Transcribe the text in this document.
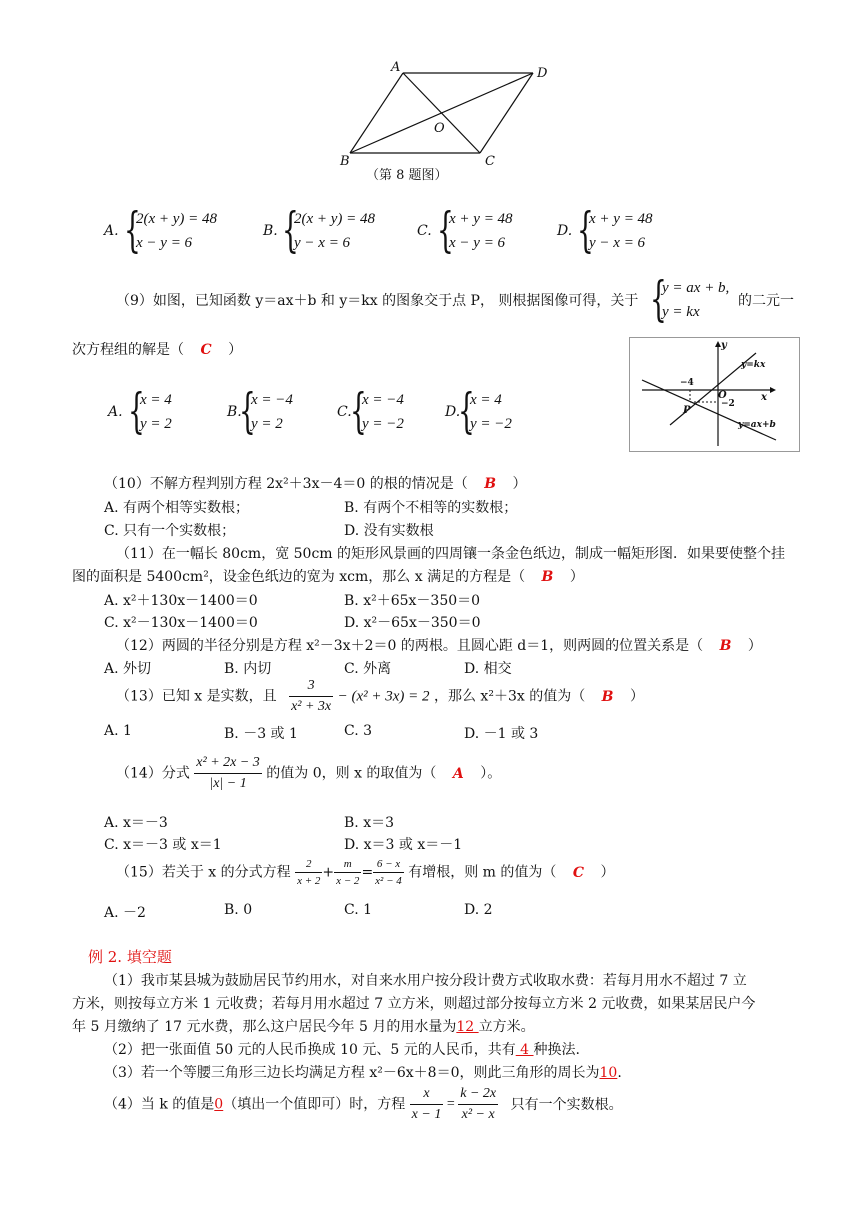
A	D
O
B	C
（第 8 题图）
A. {
2(x + y) = 48
x − y = 6
B. {
2(x + y) = 48
y − x = 6
C. {
x + y = 48
x − y = 6
D. {
x + y = 48
y − x = 6
（9）如图，已知函数 y＝ax＋b 和 y＝kx 的图象交于点 P， 则根据图像可得，关于 {
y = ax + b,
y = kx
的二元一
次方程组的解是（ C ）	y
y=kx
−4
O	x
−2
P
y=ax+b
A. {
x = 4
y = 2
B.
{
x = −4
y = 2
C.
{
x = −4
y = −2
D.
{
x = 4
y = −2
（10）不解方程判别方程 2x²＋3x－4＝0 的根的情况是（ B ）
A. 有两个相等实数根；	B. 有两个不相等的实数根；
C. 只有一个实数根；	D. 没有实数根
（11）在一幅长 80cm，宽 50cm 的矩形风景画的四周镶一条金色纸边，制成一幅矩形图．如果要使整个挂
图的面积是 5400cm²，设金色纸边的宽为 xcm，那么 x 满足的方程是（ B ）
A. x²＋130x－1400＝0	B. x²＋65x－350＝0
C. x²－130x－1400＝0	D. x²－65x－350＝0
（12）两圆的半径分别是方程 x²－3x＋2＝0 的两根。且圆心距 d＝1，则两圆的位置关系是（ B ）
A. 外切	B. 内切	C. 外离	D. 相交
（13）已知 x 是实数，且 $\frac{3}{\text{x² + 3x}} - (x^2 + 3x) = 2$ ，那么 x²＋3x 的值为（ B ）
A. 1	B. －3 或 1	C. 3	D. －1 或 3
（14）分式 $\frac{\text{x² + 2x − 3}}{|x| - 1}$ 的值为 0，则 x 的取值为（ A ）。
A. x＝－3	B. x＝3
C. x＝－3 或 x＝1	D. x＝3 或 x＝－1
（15）若关于 x 的分式方程 $\frac{2}{x + 2} + \frac{m}{x - 2} = \frac{6 - x}{\text{x² − 4}}$ 有增根，则 m 的值为（ C ）
A. －2	B. 0	C. 1	D. 2
例 2. 填空题
（1）我市某县城为鼓励居民节约用水，对自来水用户按分段计费方式收取水费：若每月用水不超过 7 立
方米，则按每立方米 1 元收费；若每月用水超过 7 立方米，则超过部分按每立方米 2 元收费，如果某居民户今
年 5 月缴纳了 17 元水费，那么这户居民今年 5 月的用水量为12 立方米。
（2）把一张面值 50 元的人民币换成 10 元、5 元的人民币，共有 4 种换法.
（3）若一个等腰三角形三边长均满足方程 x²－6x＋8＝0，则此三角形的周长为10.
（4）当 k 的值是0（填出一个值即可）时，方程 $\frac{x}{x - 1} = \frac{k - 2x}{\text{x² − x}}$ 只有一个实数根。
